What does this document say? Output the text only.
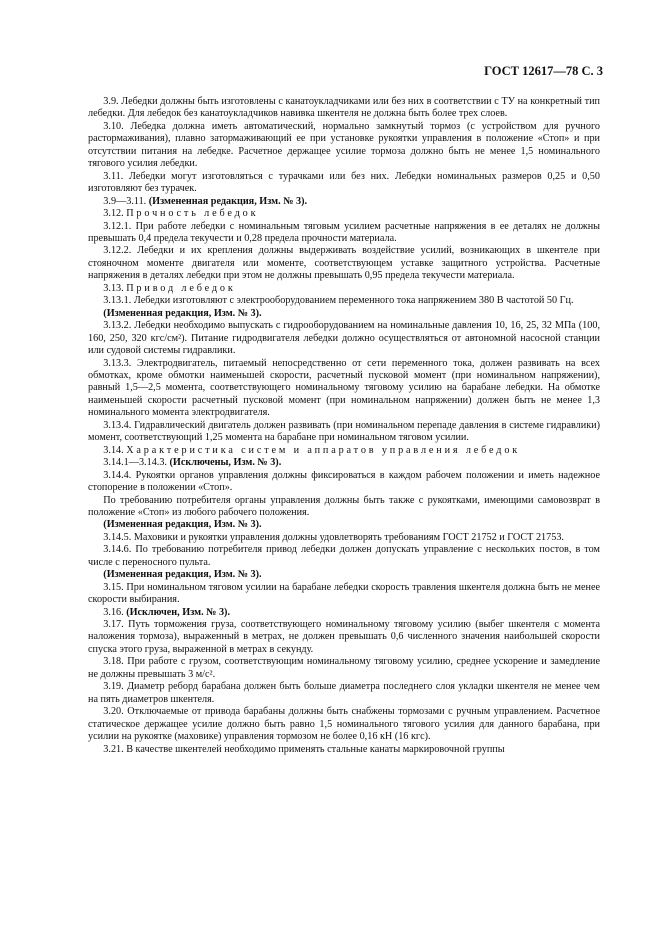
ГОСТ 12617—78 С. 3

3.9. Лебедки должны быть изготовлены с канатоукладчиками или без них в соответствии с ТУ на конкретный тип лебедки. Для лебедок без канатоукладчиков навивка шкентеля не должна быть более трех слоев.

3.10. Лебедка должна иметь автоматический, нормально замкнутый тормоз (с устройством для ручного растормаживания), плавно затормаживающий ее при установке рукоятки управления в положение «Стоп» и при отсутствии питания на лебедке. Расчетное держащее усилие тормоза должно быть не менее 1,5 номинального тягового усилия лебедки.

3.11. Лебедки могут изготовляться с турачками или без них. Лебедки номинальных размеров 0,25 и 0,50 изготовляют без турачек.

3.9—3.11. (Измененная редакция, Изм. № 3).

3.12. Прочность лебедок

3.12.1. При работе лебедки с номинальным тяговым усилием расчетные напряжения в ее деталях не должны превышать 0,4 предела текучести и 0,28 предела прочности материала.

3.12.2. Лебедки и их крепления должны выдерживать воздействие усилий, возникающих в шкентеле при стояночном моменте двигателя или моменте, соответствующем уставке защитного устройства. Расчетные напряжения в деталях лебедки при этом не должны превышать 0,95 предела текучести материала.

3.13. Привод лебедок

3.13.1. Лебедки изготовляют с электрооборудованием переменного тока напряжением 380 В частотой 50 Гц.

(Измененная редакция, Изм. № 3).

3.13.2. Лебедки необходимо выпускать с гидрооборудованием на номинальные давления 10, 16, 25, 32 МПа (100, 160, 250, 320 кгс/см²). Питание гидродвигателя лебедки должно осуществляться от автономной насосной станции или судовой системы гидравлики.

3.13.3. Электродвигатель, питаемый непосредственно от сети переменного тока, должен развивать на всех обмотках, кроме обмотки наименьшей скорости, расчетный пусковой момент (при номинальном напряжении), равный 1,5—2,5 момента, соответствующего номинальному тяговому усилию на барабане лебедки. На обмотке наименьшей скорости расчетный пусковой момент (при номинальном напряжении) должен быть не менее 1,3 номинального момента электродвигателя.

3.13.4. Гидравлический двигатель должен развивать (при номинальном перепаде давления в системе гидравлики) момент, соответствующий 1,25 момента на барабане при номинальном тяговом усилии.

3.14. Характеристика систем и аппаратов управления лебедок

3.14.1—3.14.3. (Исключены, Изм. № 3).

3.14.4. Рукоятки органов управления должны фиксироваться в каждом рабочем положении и иметь надежное стопорение в положении «Стоп».

По требованию потребителя органы управления должны быть также с рукоятками, имеющими самовозврат в положение «Стоп» из любого рабочего положения.

(Измененная редакция, Изм. № 3).

3.14.5. Маховики и рукоятки управления должны удовлетворять требованиям ГОСТ 21752 и ГОСТ 21753.

3.14.6. По требованию потребителя привод лебедки должен допускать управление с нескольких постов, в том числе с переносного пульта.

(Измененная редакция, Изм. № 3).

3.15. При номинальном тяговом усилии на барабане лебедки скорость травления шкентеля должна быть не менее скорости выбирания.

3.16. (Исключен, Изм. № 3).

3.17. Путь торможения груза, соответствующего номинальному тяговому усилию (выбег шкентеля с момента наложения тормоза), выраженный в метрах, не должен превышать 0,6 численного значения наибольшей скорости спуска этого груза, выраженной в метрах в секунду.

3.18. При работе с грузом, соответствующим номинальному тяговому усилию, среднее ускорение и замедление не должны превышать 3 м/с².

3.19. Диаметр реборд барабана должен быть больше диаметра последнего слоя укладки шкентеля не менее чем на пять диаметров шкентеля.

3.20. Отключаемые от привода барабаны должны быть снабжены тормозами с ручным управлением. Расчетное статическое держащее усилие должно быть равно 1,5 номинального тягового усилия для данного барабана, при усилии на рукоятке (маховике) управления тормозом не более 0,16 кН (16 кгс).

3.21. В качестве шкентелей необходимо применять стальные канаты маркировочной группы
